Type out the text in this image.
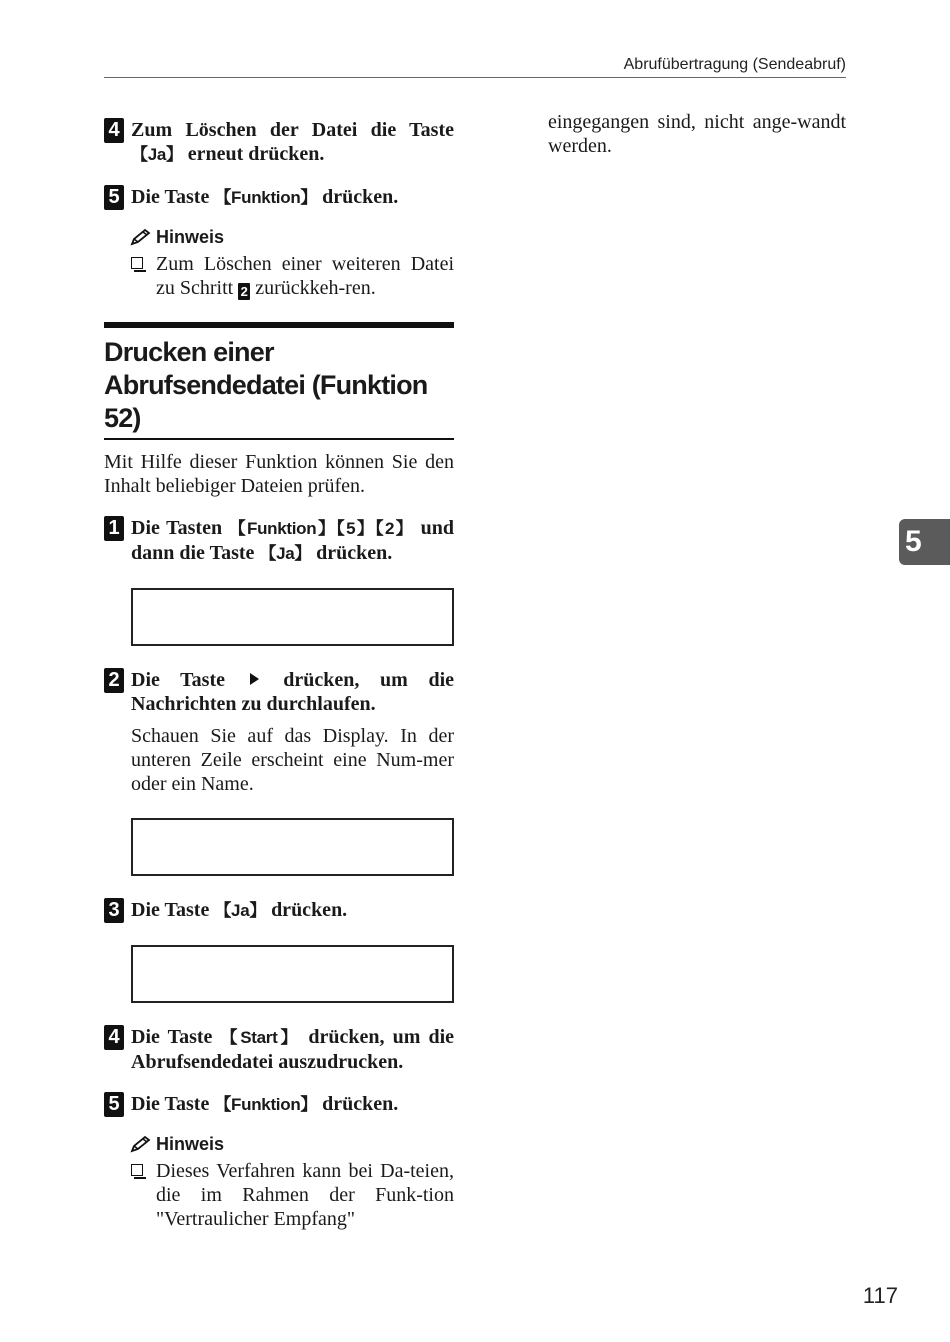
Abrufübertragung (Sendeabruf)
4 Zum Löschen der Datei die Taste 【Ja】 erneut drücken.
5 Die Taste 【Funktion】 drücken.
Hinweis
Zum Löschen einer weiteren Datei zu Schritt 2 zurückkeh-ren.
Drucken einer
Abrufsendedatei (Funktion 52)
Mit Hilfe dieser Funktion können Sie den Inhalt beliebiger Dateien prüfen.
1 Die Tasten 【Funktion】【5】【2】 und dann die Taste 【Ja】 drücken.

2 Die Taste  drücken, um die Nachrichten zu durchlaufen.
Schauen Sie auf das Display. In der unteren Zeile erscheint eine Num-mer oder ein Name.

3 Die Taste 【Ja】 drücken.

4 Die Taste 【Start】 drücken, um die Abrufsendedatei auszudrucken.
5 Die Taste 【Funktion】 drücken.
Hinweis
Dieses Verfahren kann bei Da-teien, die im Rahmen der Funk-tion "Vertraulicher Empfang"
eingegangen sind, nicht ange-wandt werden.
5
117
